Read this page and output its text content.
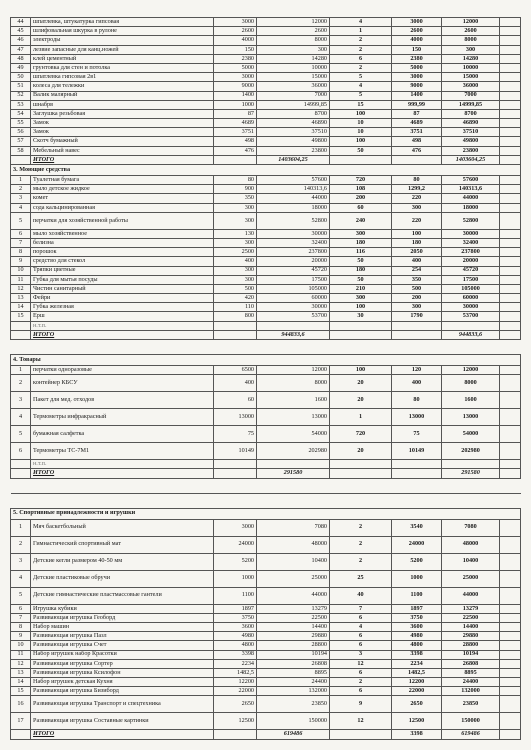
44	шпатлевка, штукатурка гипсовая	3000	12000	4	3000	12000	
45	шлифовальная шкурка в рулоне	2600	2600	1	2600	2600	
46	электроды	4000	8000	2	4000	8000	
47	лезвие запасные для канц.ножей	150	300	2	150	300	
48	клей цементный	2380	14280	6	2380	14280	
49	грунтовка для стен и потолка	5000	10000	2	5000	10000	
50	шпатлевка гипсовая 2в1	3000	15000	5	3000	15000	
51	колеса для тележки	9000	36000	4	9000	36000	
52	Валик малярный	1400	7000	5	1400	7000	
53	шнабрв	1000	14999,85	15	999,99	14999,85	
54	Заглушка резьбовая	87	8700	100	87	8700	
55	Замок	4689	46890	10	4689	46890	
56	Замок	3751	37510	10	3751	37510	
57	Скотч бумажный	498	49800	100	498	49800	
58	Мебельный навес	476	23800	50	476	23800	
	ИТОГО		1403604,25			1403604,25	
3. Моющие средства							
1	Туалетная бумага	80	57600	720	80	57600	
2	мыло детское жидкое	900	140313,6	108	1299,2	140313,6	
3	комет	350	44000	200	220	44000	
4	сода кальцинированная	300	18000	60	300	18000	
5	перчатки для хозяйственной работы	300	52800	240	220	52800	
6	мыло хозяйственное	130	30000	300	100	30000	
7	белизна	300	32400	180	180	32400	
8	порошок	2500	237800	116	2050	237800	
9	средство для стекол	400	20000	50	400	20000	
10	Тряпки цветные	300	45720	180	254	45720	
11	Губка для мытья посуды	300	17500	50	350	17500	
12	Чистин санитарный	500	105000	210	500	105000	
13	Фейри	420	60000	300	200	60000	
14	Губка железная	110	30000	100	300	30000	
15	Ерш	800	53700	30	1790	53700	
	н.т.п.						
	ИТОГО		944833,6			944833,6	

4. Товары							
1	перчатки одноразовые	6500	12000	100	120	12000	
2	контейнер КБСУ	400	8000	20	400	8000	
3	Пакет для мед. отходов	60	1600	20	80	1600	
4	Термометры инфракрасный	13000	13000	1	13000	13000	
5	бумажная салфетка	75	54000	720	75	54000	
6	Термометры ТС-7М1	10149	202980	20	10149	202980	
	н.т.п.						
	ИТОГО		291580			291580	

5. Спортивные принадлежности и игрушки							
1	Мяч баскетбольный	3000	7080	2	3540	7080	
2	Гимнастический спортивный мат	24000	48000	2	24000	48000	
3	Детские кегли размером 40-50 мм	5200	10400	2	5200	10400	
4	Детские пластиковые обручи	1000	25000	25	1000	25000	
5	Детские гимнастические пластмассовые гантели	1100	44000	40	1100	44000	
6	Игрушка кубики	1897	13279	7	1897	13279	
7	Развивающая игрушка Геоборд	3750	22500	6	3750	22500	
8	Набор машин	3600	14400	4	3600	14400	
9	Развивающая игрушка Пазл	4980	29880	6	4980	29880	
10	Развивающая игрушка Счет	4800	28800	6	4800	28800	
11	Набор игрушек набор Красотки	3398	10194	3	3398	10194	
12	Развивающая игрушка Сортер	2234	26808	12	2234	26808	
13	Развивающая игрушка Ксилофон	1482,5	8895	6	1482,5	8895	
14	Набор игрушек детская Кухня	12200	24400	2	12200	24400	
15	Развивающая игрушка Бизиборд	22000	132000	6	22000	132000	
16	Развивающая игрушка Транспорт и спецтехника	2650	23850	9	2650	23850	
17	Развивающая игрушка Составные картинки	12500	150000	12	12500	150000	
	ИТОГО		619486		3398	619486	
